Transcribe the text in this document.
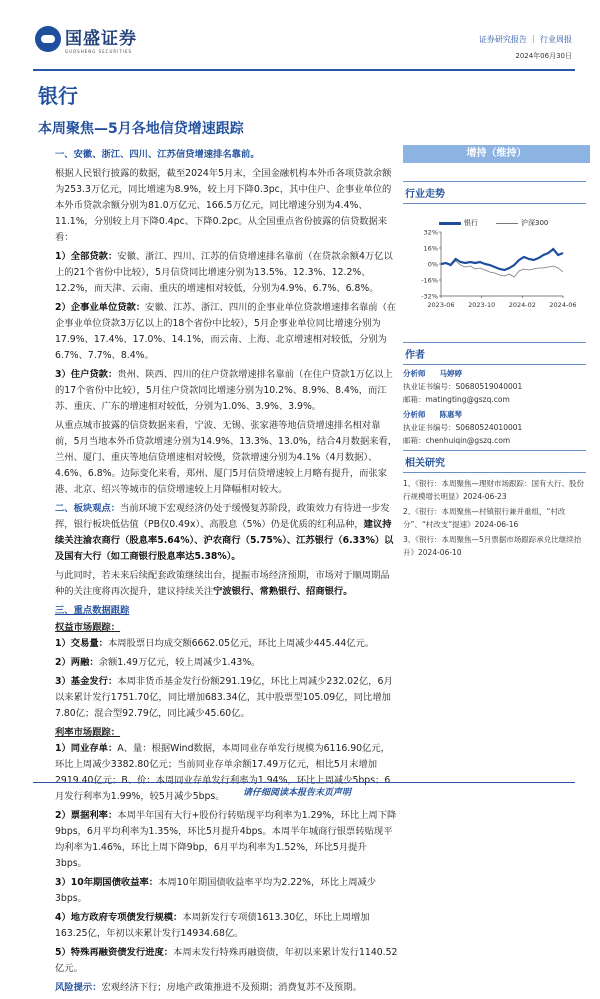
国盛证券
GUOSHENG SECURITIES
证券研究报告 ｜ 行业周报
2024年06月30日
银行
本周聚焦—5月各地信贷增速跟踪

一、安徽、浙江、四川、江苏信贷增速排名靠前。

根据人民银行披露的数据，截至2024年5月末，全国金融机构本外币各项贷款余额为253.3万亿元，同比增速为8.9%，较上月下降0.3pc，其中住户、企事业单位的本外币贷款余额分别为81.0万亿元、166.5万亿元，同比增速分别为4.4%、11.1%，分别较上月下降0.4pc、下降0.2pc。从全国重点省份披露的信贷数据来看：

1）全部贷款：安徽、浙江、四川、江苏的信贷增速排名靠前（在贷款余额4万亿以上的21个省份中比较），5月信贷同比增速分别为13.5%、12.3%、12.2%、12.2%，而天津、云南、重庆的增速相对较低，分别为4.9%、6.7%、6.8%。

2）企事业单位贷款：安徽、江苏、浙江、四川的企事业单位贷款增速排名靠前（在企事业单位贷款3万亿以上的18个省份中比较），5月企事业单位同比增速分别为17.9%、17.4%、17.0%、14.1%，而云南、上海、北京增速相对较低，分别为6.7%、7.7%、8.4%。

3）住户贷款：贵州、陕西、四川的住户贷款增速排名靠前（在住户贷款1万亿以上的17个省份中比较），5月住户贷款同比增速分别为10.2%、8.9%、8.4%，而江苏、重庆、广东的增速相对较低，分别为1.0%、3.9%、3.9%。

从重点城市披露的信贷数据来看，宁波、无锡、张家港等地信贷增速排名相对靠前，5月当地本外币贷款增速分别为14.9%、13.3%、13.0%，结合4月数据来看，兰州、厦门、重庆等地信贷增速相对较慢，贷款增速分别为4.1%（4月数据）、4.6%、6.8%。边际变化来看，郑州、厦门5月信贷增速较上月略有提升，而张家港、北京、绍兴等城市的信贷增速较上月降幅相对较大。

二、板块观点：当前环境下宏观经济仍处于缓慢复苏阶段，政策效力有待进一步发挥，银行板块低估值（PB仅0.49x）、高股息（5%）仍是优质的红利品种，建议持续关注渝农商行（股息率5.64%）、沪农商行（5.75%）、江苏银行（6.33%）以及国有大行（如工商银行股息率达5.38%）。

与此同时，若未来后续配套政策继续出台，提振市场经济预期，市场对于顺周期品种的关注度将再次提升，建议持续关注宁波银行、常熟银行、招商银行。

三、重点数据跟踪
权益市场跟踪：

1）交易量：本周股票日均成交额6662.05亿元，环比上周减少445.44亿元。

2）两融：余额1.49万亿元，较上周减少1.43%。

3）基金发行：本周非货币基金发行份额291.19亿，环比上周减少232.02亿，6月以来累计发行1751.70亿，同比增加683.34亿，其中股票型105.09亿，同比增加7.80亿；混合型92.79亿，同比减少45.60亿。

利率市场跟踪：

1）同业存单：A、量：根据Wind数据，本周同业存单发行规模为6116.90亿元，环比上周减少3382.80亿元；当前同业存单余额17.49万亿元，相比5月末增加2919.40亿元；B、价：本周同业存单发行利率为1.94%，环比上周减少5bps；6月发行利率为1.99%，较5月减少5bps。

2）票据利率：本周半年国有大行+股份行转贴现平均利率为1.29%，环比上周下降9bps，6月平均利率为1.35%，环比5月提升4bps。本周半年城商行银票转贴现平均利率为1.46%，环比上周下降9bp，6月平均利率为1.52%，环比5月提升3bps。

3）10年期国债收益率：本周10年期国债收益率平均为2.22%，环比上周减少3bps。

4）地方政府专项债发行规模：本周新发行专项债1613.30亿，环比上周增加163.25亿，年初以来累计发行14934.68亿。

5）特殊再融资债发行进度：本周未发行特殊再融资债，年初以来累计发行1140.52亿元。

风险提示：宏观经济下行；房地产政策推进不及预期；消费复苏不及预期。

增持（维持）
行业走势
银行	沪深300
32%
16%
0%
-16%
-32%
2023-06 2023-10 2024-02 2024-06
作者
分析师 马婷婷
执业证书编号：S0680519040001
邮箱：matingting@gszq.com
分析师 陈惠琴
执业证书编号：S0680524010001
邮箱：chenhuiqin@gszq.com
相关研究
1、《银行：本周聚焦—理财市场跟踪：国有大行、股份行规模增长明显》2024-06-23
2、《银行：本周聚焦—村镇银行兼并重组，“村改分”、“村改支”提速》2024-06-16
3、《银行：本周聚焦—5月票据市场跟踪承兑比继续抬升》2024-06-10
请仔细阅读本报告末页声明
